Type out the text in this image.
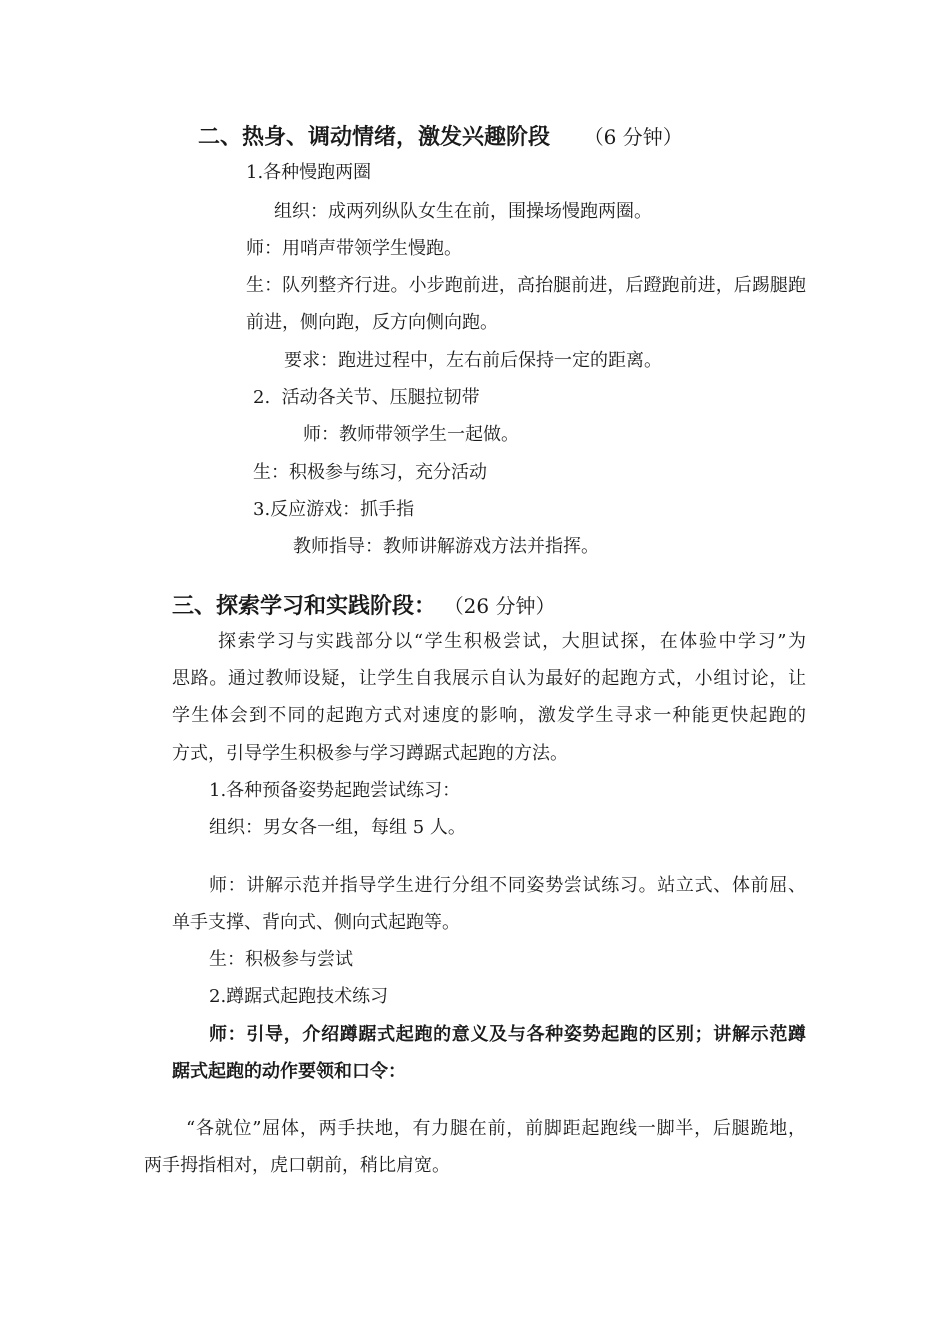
二、热身、调动情绪，激发兴趣阶段 （6 分钟）
1.各种慢跑两圈
组织：成两列纵队女生在前，围操场慢跑两圈。
师：用哨声带领学生慢跑。
生：队列整齐行进。小步跑前进，高抬腿前进，后蹬跑前进，后踢腿跑
前进，侧向跑，反方向侧向跑。
要求：跑进过程中，左右前后保持一定的距离。
2.  活动各关节、压腿拉韧带
师：教师带领学生一起做。
生：积极参与练习，充分活动
3.反应游戏：抓手指
教师指导：教师讲解游戏方法并指挥。
三、探索学习和实践阶段： （26 分钟）
探索学习与实践部分以“学生积极尝试，大胆试探，在体验中学习”为
思路。通过教师设疑，让学生自我展示自认为最好的起跑方式，小组讨论，让
学生体会到不同的起跑方式对速度的影响，激发学生寻求一种能更快起跑的
方式，引导学生积极参与学习蹲踞式起跑的方法。
1.各种预备姿势起跑尝试练习：
组织：男女各一组，每组 5 人。
师：讲解示范并指导学生进行分组不同姿势尝试练习。站立式、体前屈、
单手支撑、背向式、侧向式起跑等。
生：积极参与尝试
2.蹲踞式起跑技术练习
师：引导，介绍蹲踞式起跑的意义及与各种姿势起跑的区别；讲解示范蹲
踞式起跑的动作要领和口令：
“各就位”屈体，两手扶地，有力腿在前，前脚距起跑线一脚半，后腿跪地，
两手拇指相对，虎口朝前，稍比肩宽。
